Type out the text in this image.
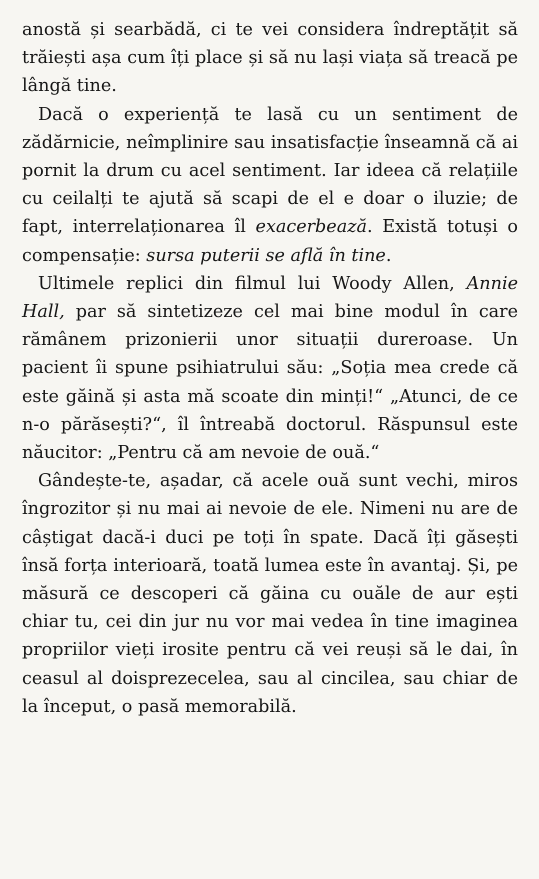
anostă și searbădă, ci te vei considera îndreptățit să trăiești așa cum îți place și să nu lași viața să treacă pe lângă tine.

Dacă o experiență te lasă cu un sentiment de zădărnicie, neîmplinire sau insatisfacție înseamnă că ai pornit la drum cu acel sentiment. Iar ideea că relațiile cu ceilalți te ajută să scapi de el e doar o iluzie; de fapt, interrelaționarea îl exacerbează. Există totuși o compensație: sursa puterii se află în tine.

Ultimele replici din filmul lui Woody Allen, Annie Hall, par să sintetizeze cel mai bine modul în care rămânem prizonierii unor situații dureroase. Un pacient îi spune psihiatrului său: „Soția mea crede că este găină și asta mă scoate din minți!“ „Atunci, de ce n-o părăsești?“, îl întreabă doctorul. Răspunsul este năucitor: „Pentru că am nevoie de ouă.“

Gândește-te, așadar, că acele ouă sunt vechi, miros îngrozitor și nu mai ai nevoie de ele. Nimeni nu are de câștigat dacă-i duci pe toți în spate. Dacă îți găsești însă forța interioară, toată lumea este în avantaj. Și, pe măsură ce descoperi că găina cu ouăle de aur ești chiar tu, cei din jur nu vor mai vedea în tine imaginea propriilor vieți irosite pentru că vei reuși să le dai, în ceasul al doisprezecelea, sau al cincilea, sau chiar de la început, o pasă memorabilă.
